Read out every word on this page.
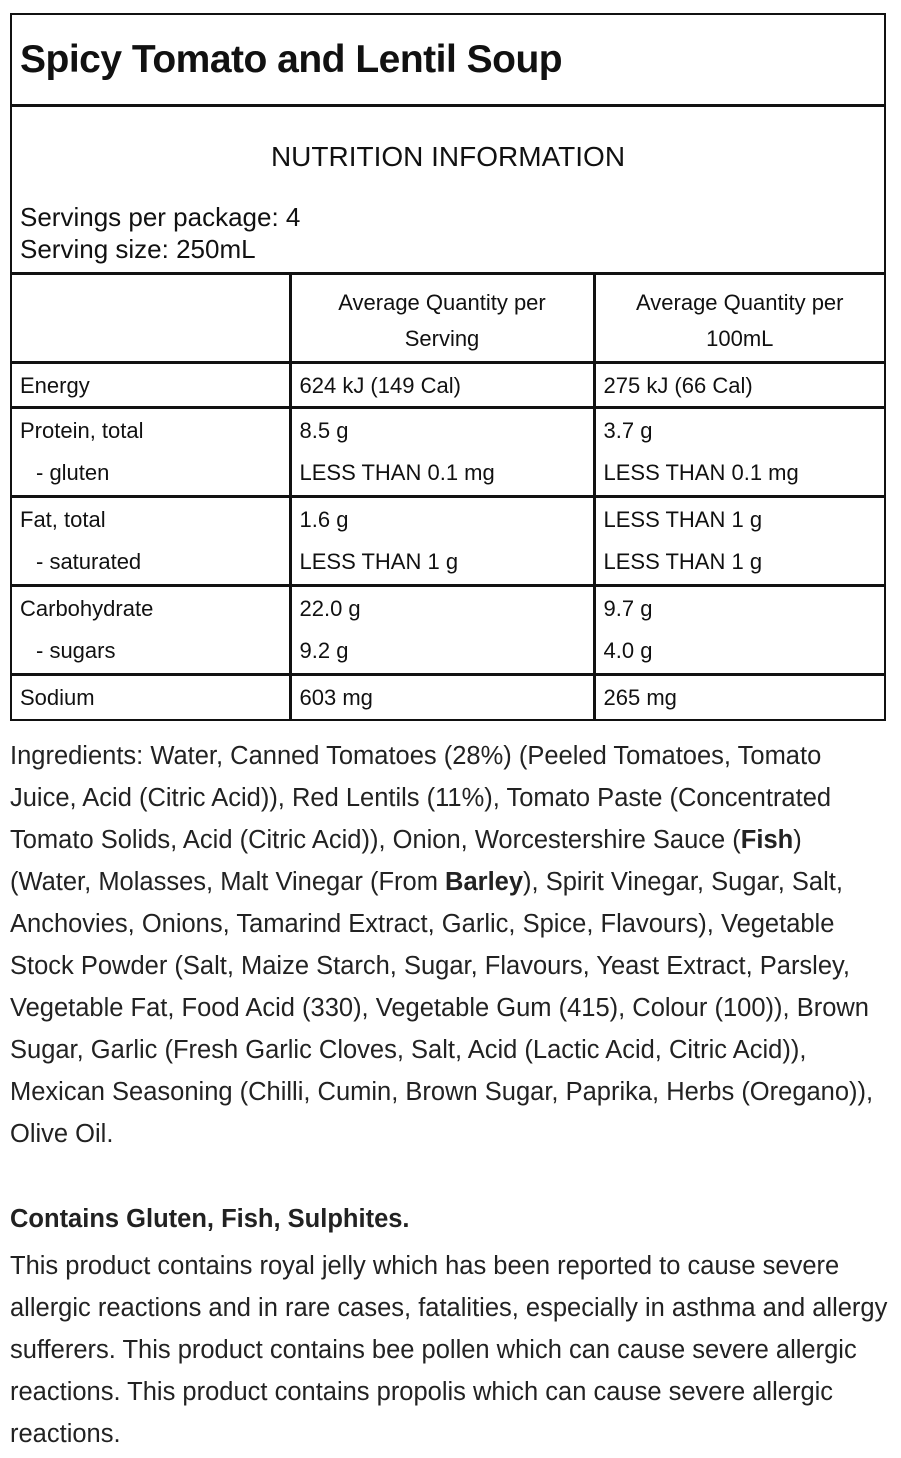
Spicy Tomato and Lentil Soup
NUTRITION INFORMATION
Servings per package: 4
Serving size: 250mL
	Average Quantity per Serving	Average Quantity per 100mL
Energy	624 kJ (149 Cal)	275 kJ (66 Cal)
Protein, total	8.5 g	3.7 g
- gluten	LESS THAN 0.1 mg	LESS THAN 0.1 mg
Fat, total	1.6 g	LESS THAN 1 g
- saturated	LESS THAN 1 g	LESS THAN 1 g
Carbohydrate	22.0 g	9.7 g
- sugars	9.2 g	4.0 g
Sodium	603 mg	265 mg
Ingredients: Water, Canned Tomatoes (28%) (Peeled Tomatoes, Tomato Juice, Acid (Citric Acid)), Red Lentils (11%), Tomato Paste (Concentrated Tomato Solids, Acid (Citric Acid)), Onion, Worcestershire Sauce (Fish) (Water, Molasses, Malt Vinegar (From Barley), Spirit Vinegar, Sugar, Salt, Anchovies, Onions, Tamarind Extract, Garlic, Spice, Flavours), Vegetable Stock Powder (Salt, Maize Starch, Sugar, Flavours, Yeast Extract, Parsley, Vegetable Fat, Food Acid (330), Vegetable Gum (415), Colour (100)), Brown Sugar, Garlic (Fresh Garlic Cloves, Salt, Acid (Lactic Acid, Citric Acid)), Mexican Seasoning (Chilli, Cumin, Brown Sugar, Paprika, Herbs (Oregano)), Olive Oil.
Contains Gluten, Fish, Sulphites.
This product contains royal jelly which has been reported to cause severe allergic reactions and in rare cases, fatalities, especially in asthma and allergy sufferers. This product contains bee pollen which can cause severe allergic reactions. This product contains propolis which can cause severe allergic reactions.
